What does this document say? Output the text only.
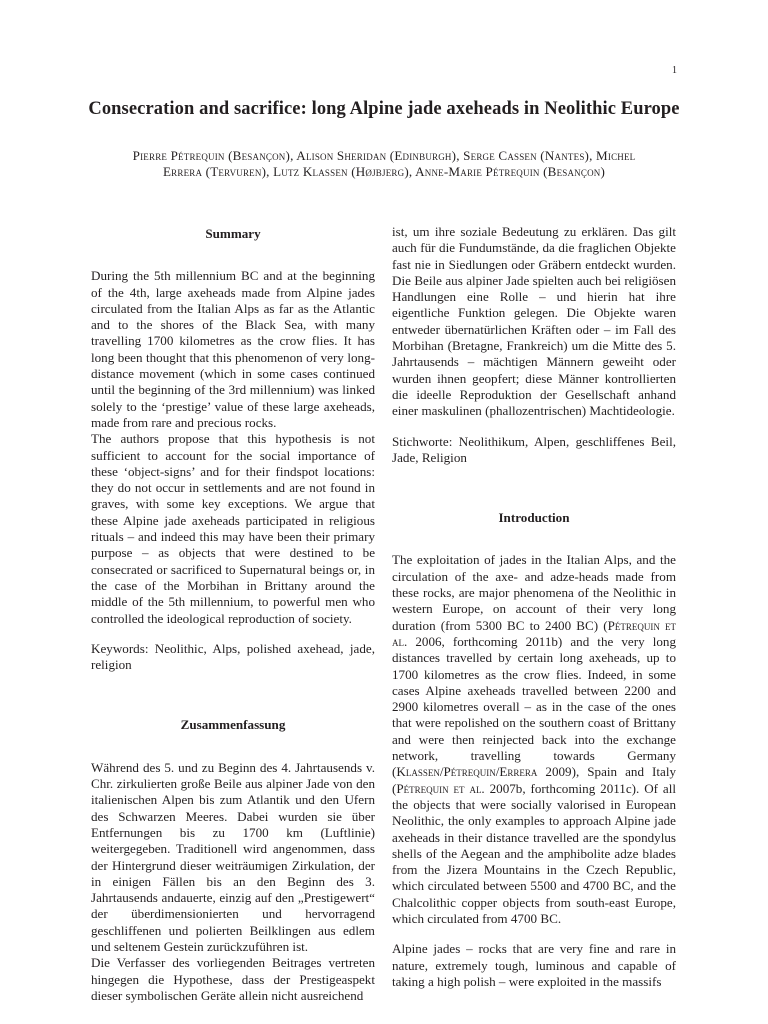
1
Consecration and sacrifice: long Alpine jade axeheads in Neolithic Europe
Pierre Pétrequin (Besançon), Alison Sheridan (Edinburgh), Serge Cassen (Nantes), Michel
Errera (Tervuren), Lutz Klassen (Højbjerg), Anne-Marie Pétrequin (Besançon)
Summary

During the 5th millennium BC and at the beginning of the 4th, large axeheads made from Alpine jades circulated from the Italian Alps as far as the Atlantic and to the shores of the Black Sea, with many travelling 1700 kilometres as the crow flies. It has long been thought that this phenomenon of very long-distance movement (which in some cases continued until the beginning of the 3rd millennium) was linked solely to the ‘prestige’ value of these large axeheads, made from rare and precious rocks.

The authors propose that this hypothesis is not sufficient to account for the social importance of these ‘object-signs’ and for their findspot locations: they do not occur in settlements and are not found in graves, with some key exceptions. We argue that these Alpine jade axeheads participated in religious rituals – and indeed this may have been their primary purpose – as objects that were destined to be consecrated or sacrificed to Supernatural beings or, in the case of the Morbihan in Brittany around the middle of the 5th millennium, to powerful men who controlled the ideological reproduction of society.

Keywords: Neolithic, Alps, polished axehead, jade, religion

Zusammenfassung

Während des 5. und zu Beginn des 4. Jahrtausends v. Chr. zirkulierten große Beile aus alpiner Jade von den italienischen Alpen bis zum Atlantik und den Ufern des Schwarzen Meeres. Dabei wurden sie über Entfernungen bis zu 1700 km (Luftlinie) weitergegeben. Traditionell wird angenommen, dass der Hintergrund dieser weiträumigen Zirkulation, der in einigen Fällen bis an den Beginn des 3. Jahrtausends andauerte, einzig auf den „Prestigewert“ der überdimensionierten und hervorragend geschliffenen und polierten Beilklingen aus edlem und seltenem Gestein zurückzuführen ist.

Die Verfasser des vorliegenden Beitrages vertreten hingegen die Hypothese, dass der Prestigeaspekt dieser symbolischen Geräte allein nicht ausreichend

ist, um ihre soziale Bedeutung zu erklären. Das gilt auch für die Fundumstände, da die fraglichen Objekte fast nie in Siedlungen oder Gräbern entdeckt wurden. Die Beile aus alpiner Jade spielten auch bei religiösen Handlungen eine Rolle – und hierin hat ihre eigentliche Funktion gelegen. Die Objekte waren entweder übernatürlichen Kräften oder – im Fall des Morbihan (Bretagne, Frankreich) um die Mitte des 5. Jahrtausends – mächtigen Männern geweiht oder wurden ihnen geopfert; diese Männer kontrollierten die ideelle Reproduktion der Gesellschaft anhand einer maskulinen (phallozentrischen) Machtideologie.

Stichworte: Neolithikum, Alpen, geschliffenes Beil, Jade, Religion

Introduction

The exploitation of jades in the Italian Alps, and the circulation of the axe- and adze-heads made from these rocks, are major phenomena of the Neolithic in western Europe, on account of their very long duration (from 5300 BC to 2400 BC) (Pétrequin et al. 2006, forthcoming 2011b) and the very long distances travelled by certain long axeheads, up to 1700 kilometres as the crow flies. Indeed, in some cases Alpine axeheads travelled between 2200 and 2900 kilometres overall – as in the case of the ones that were repolished on the southern coast of Brittany and were then reinjected back into the exchange network, travelling towards Germany (Klassen/Pétrequin/Errera 2009), Spain and Italy (Pétrequin et al. 2007b, forthcoming 2011c). Of all the objects that were socially valorised in European Neolithic, the only examples to approach Alpine jade axeheads in their distance travelled are the spondylus shells of the Aegean and the amphibolite adze blades from the Jizera Mountains in the Czech Republic, which circulated between 5500 and 4700 BC, and the Chalcolithic copper objects from south-east Europe, which circulated from 4700 BC.

Alpine jades – rocks that are very fine and rare in nature, extremely tough, luminous and capable of taking a high polish – were exploited in the massifs
